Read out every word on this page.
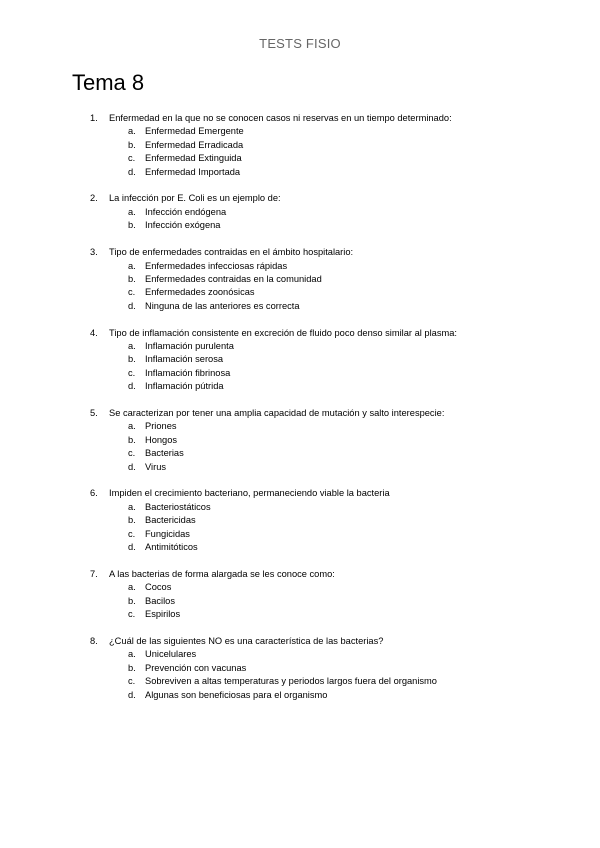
TESTS FISIO
Tema 8
1. Enfermedad en la que no se conocen casos ni reservas en un tiempo determinado:
a. Enfermedad Emergente
b. Enfermedad Erradicada
c. Enfermedad Extinguida
d. Enfermedad Importada
2. La infección por E. Coli es un ejemplo de:
a. Infección endógena
b. Infección exógena
3. Tipo de enfermedades contraidas en el ámbito hospitalario:
a. Enfermedades infecciosas rápidas
b. Enfermedades contraidas en la comunidad
c. Enfermedades zoonósicas
d. Ninguna de las anteriores es correcta
4. Tipo de inflamación consistente en excreción de fluido poco denso similar al plasma:
a. Inflamación purulenta
b. Inflamación serosa
c. Inflamación fibrinosa
d. Inflamación pútrida
5. Se caracterizan por tener una amplia capacidad de mutación y salto interespecie:
a. Priones
b. Hongos
c. Bacterias
d. Virus
6. Impiden el crecimiento bacteriano, permaneciendo viable la bacteria
a. Bacteriostáticos
b. Bactericidas
c. Fungicidas
d. Antimitóticos
7. A las bacterias de forma alargada se les conoce como:
a. Cocos
b. Bacilos
c. Espirilos
8. ¿Cuál de las siguientes NO es una característica de las bacterias?
a. Unicelulares
b. Prevención con vacunas
c. Sobreviven a altas temperaturas y periodos largos fuera del organismo
d. Algunas son beneficiosas para el organismo
